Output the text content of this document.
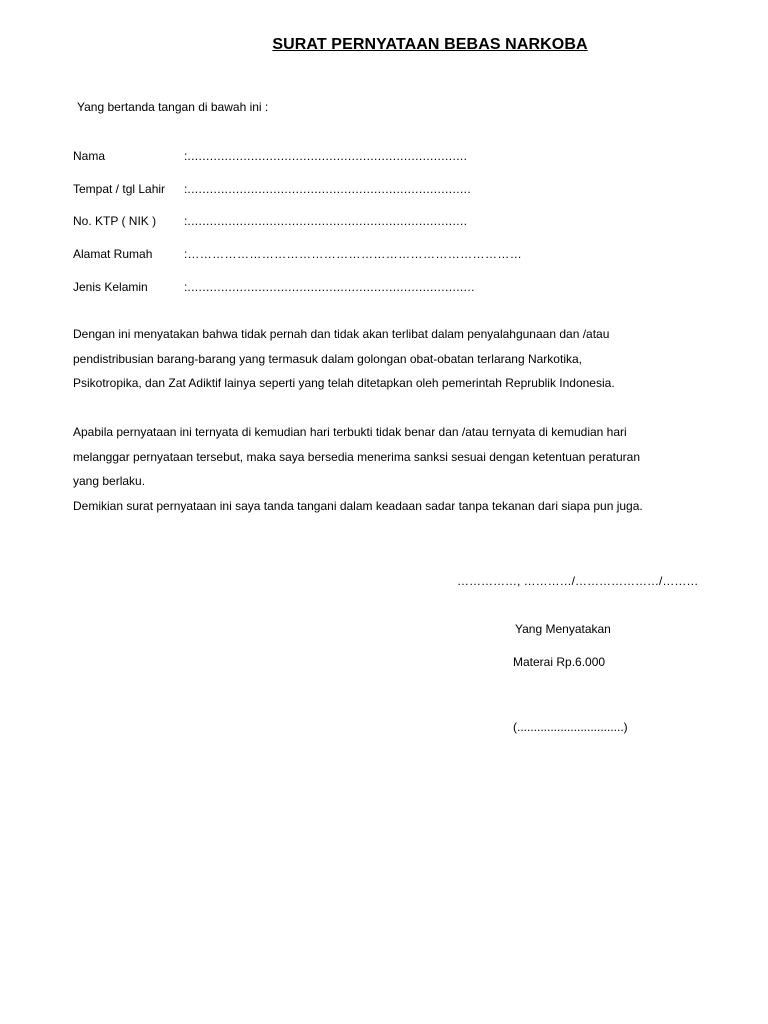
SURAT PERNYATAAN BEBAS NARKOBA
Yang bertanda tangan di bawah ini :
Nama	:...........................................................................
Tempat / tgl Lahir :............................................................................
No. KTP ( NIK ) :...........................................................................
Alamat Rumah	:………………………………………………………………………
Jenis Kelamin	:.............................................................................

Dengan ini menyatakan bahwa tidak pernah dan tidak akan terlibat dalam penyalahgunaan dan /atau

pendistribusian barang-barang yang termasuk dalam golongan obat-obatan terlarang Narkotika,

Psikotropika, dan Zat Adiktif lainya seperti yang telah ditetapkan oleh pemerintah Reprublik Indonesia.

Apabila pernyataan ini ternyata di kemudian hari terbukti tidak benar dan /atau ternyata di kemudian hari

melanggar pernyataan tersebut, maka saya bersedia menerima sanksi sesuai dengan ketentuan peraturan

yang berlaku.

Demikian surat pernyataan ini saya tanda tangani dalam keadaan sadar tanpa tekanan dari siapa pun juga.

……………, …………/…………………/………
Yang Menyatakan
Materai Rp.6.000
(................................)
